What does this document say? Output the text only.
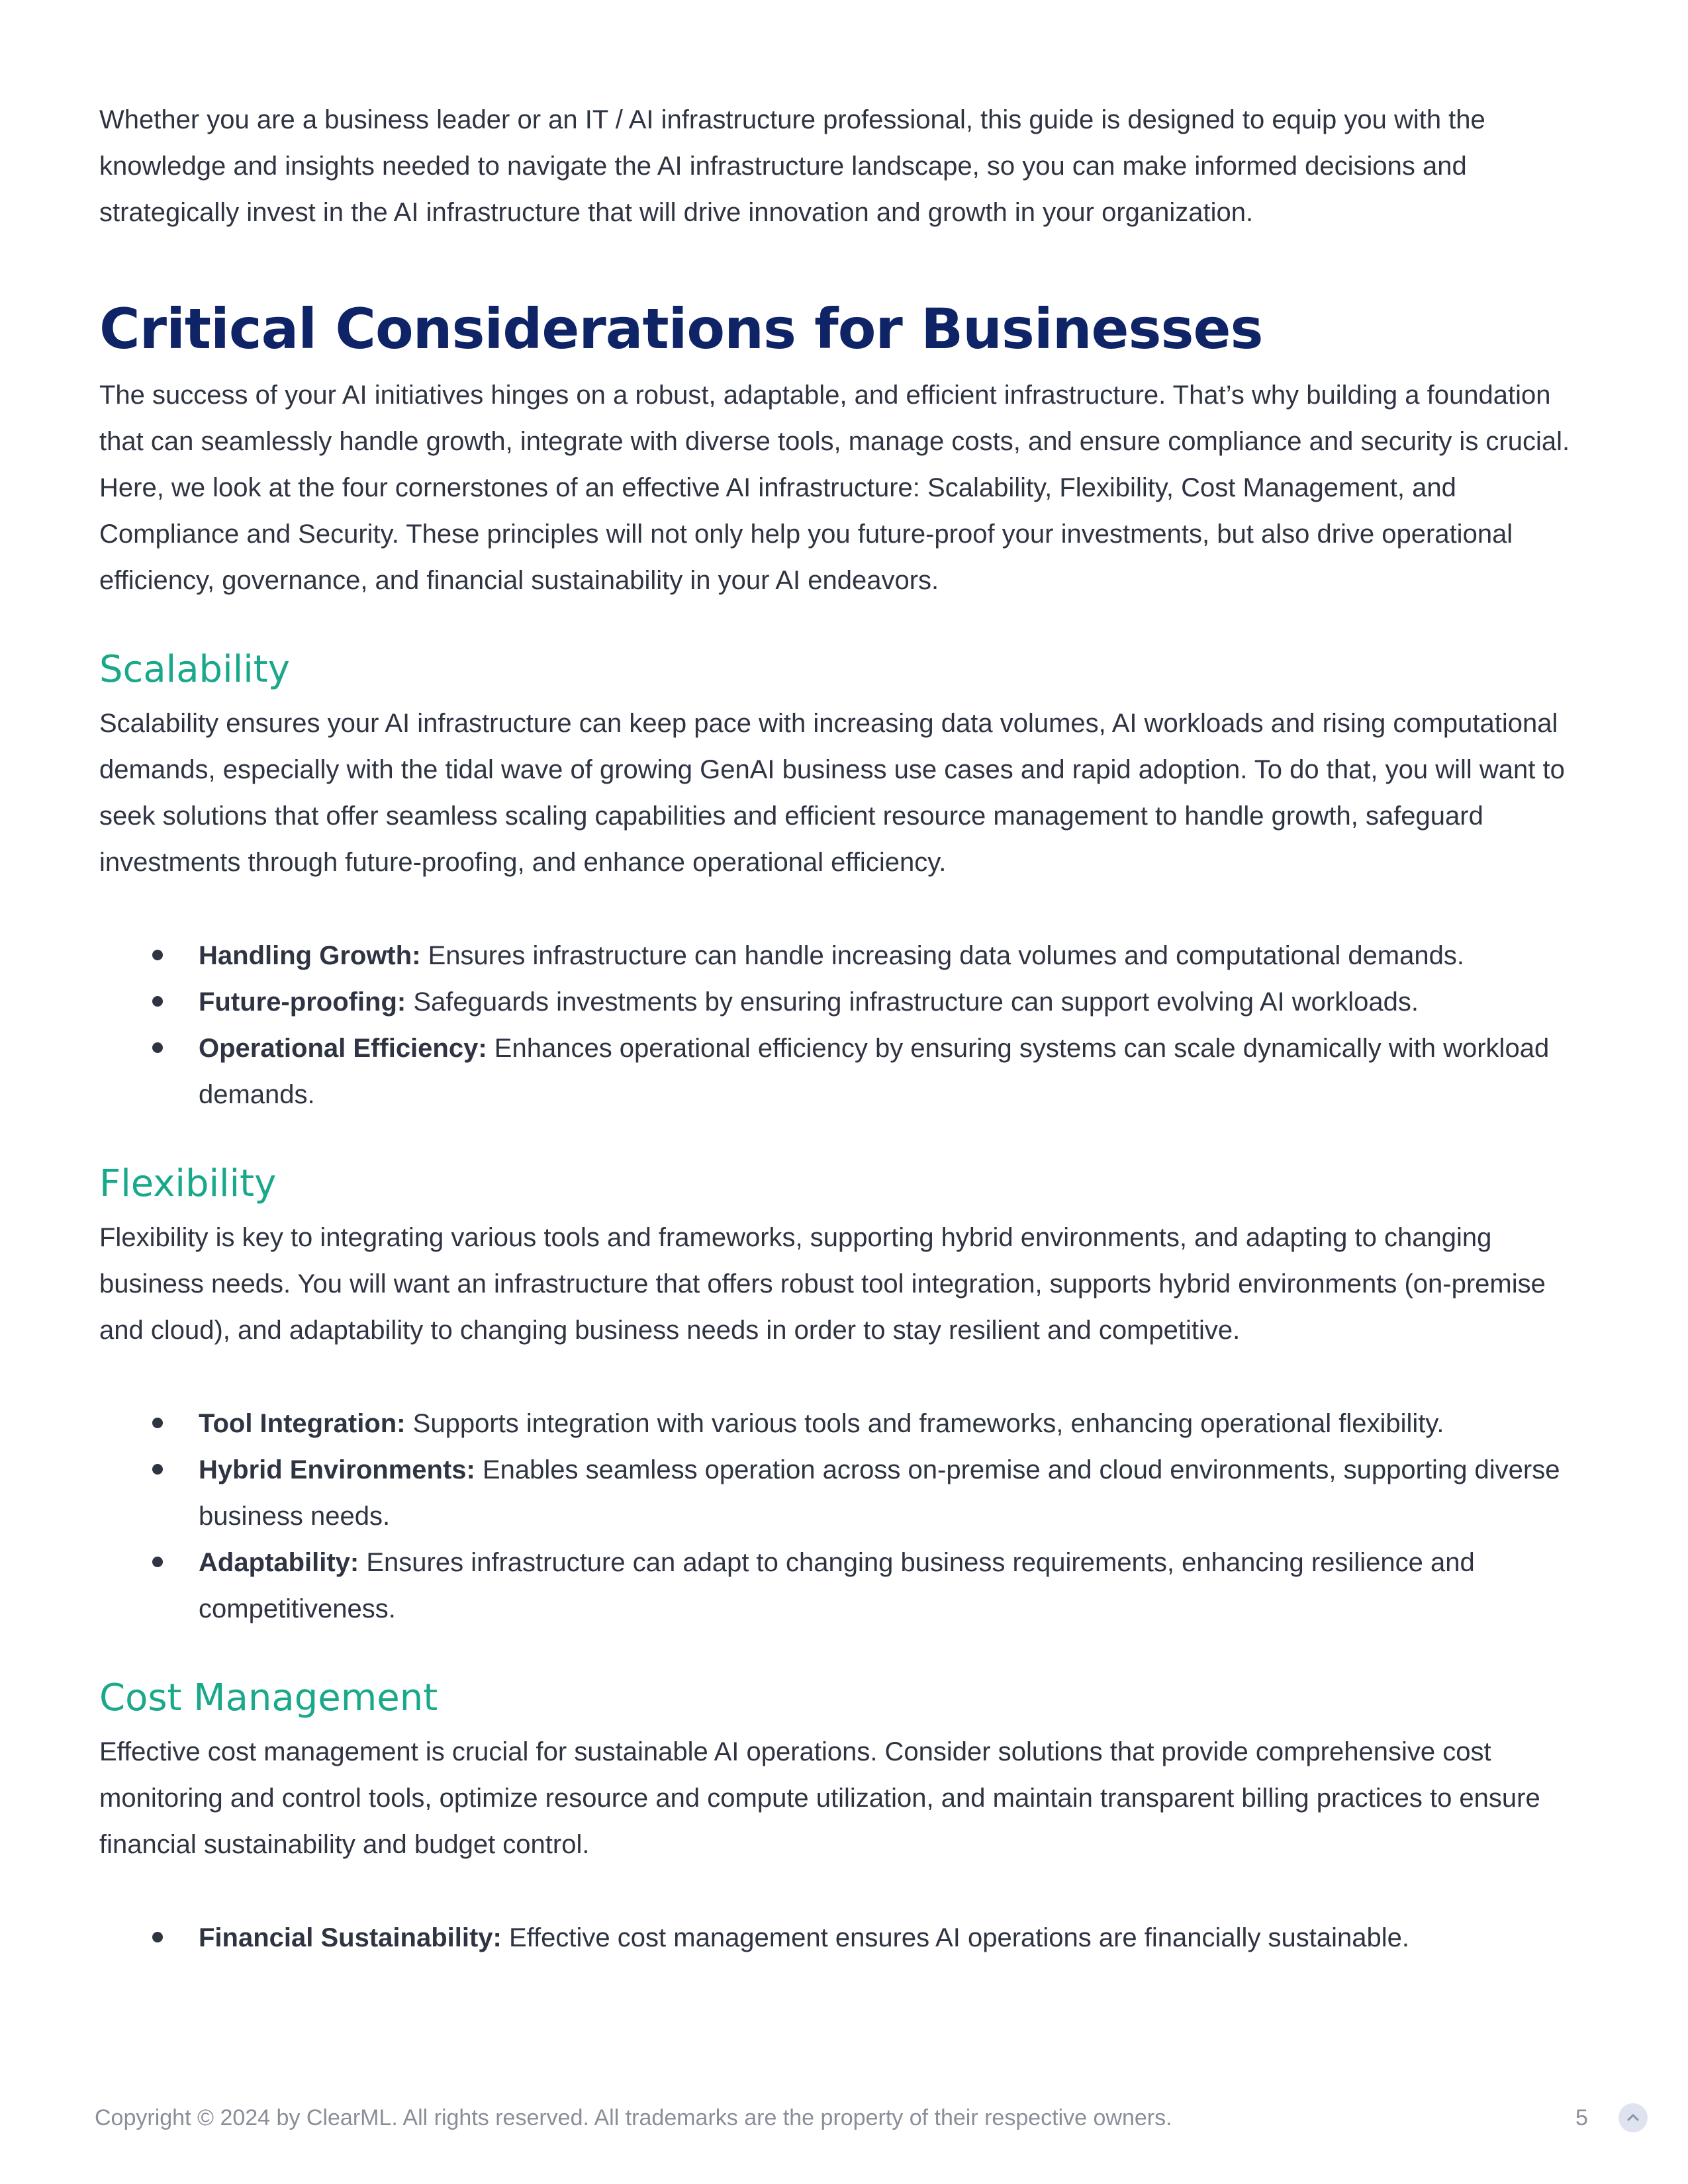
Whether you are a business leader or an IT / AI infrastructure professional, this guide is designed to equip you with the knowledge and insights needed to navigate the AI infrastructure landscape, so you can make informed decisions and strategically invest in the AI infrastructure that will drive innovation and growth in your organization.

Critical Considerations for Businesses

The success of your AI initiatives hinges on a robust, adaptable, and efficient infrastructure. That’s why building a foundation that can seamlessly handle growth, integrate with diverse tools, manage costs, and ensure compliance and security is crucial. Here, we look at the four cornerstones of an effective AI infrastructure: Scalability, Flexibility, Cost Management, and Compliance and Security. These principles will not only help you future-proof your investments, but also drive operational efficiency, governance, and financial sustainability in your AI endeavors.

Scalability

Scalability ensures your AI infrastructure can keep pace with increasing data volumes, AI workloads and rising computational demands, especially with the tidal wave of growing GenAI business use cases and rapid adoption. To do that, you will want to seek solutions that offer seamless scaling capabilities and efficient resource management to handle growth, safeguard investments through future-proofing, and enhance operational efficiency.

Handling Growth: Ensures infrastructure can handle increasing data volumes and computational demands.
Future-proofing: Safeguards investments by ensuring infrastructure can support evolving AI workloads.
Operational Efficiency: Enhances operational efficiency by ensuring systems can scale dynamically with workload demands.
Flexibility

Flexibility is key to integrating various tools and frameworks, supporting hybrid environments, and adapting to changing business needs. You will want an infrastructure that offers robust tool integration, supports hybrid environments (on-premise and cloud), and adaptability to changing business needs in order to stay resilient and competitive.

Tool Integration: Supports integration with various tools and frameworks, enhancing operational flexibility.
Hybrid Environments: Enables seamless operation across on-premise and cloud environments, supporting diverse business needs.
Adaptability: Ensures infrastructure can adapt to changing business requirements, enhancing resilience and competitiveness.
Cost Management

Effective cost management is crucial for sustainable AI operations. Consider solutions that provide comprehensive cost monitoring and control tools, optimize resource and compute utilization, and maintain transparent billing practices to ensure financial sustainability and budget control.

Financial Sustainability: Effective cost management ensures AI operations are financially sustainable.
Copyright © 2024 by ClearML. All rights reserved. All trademarks are the property of their respective owners.	5
